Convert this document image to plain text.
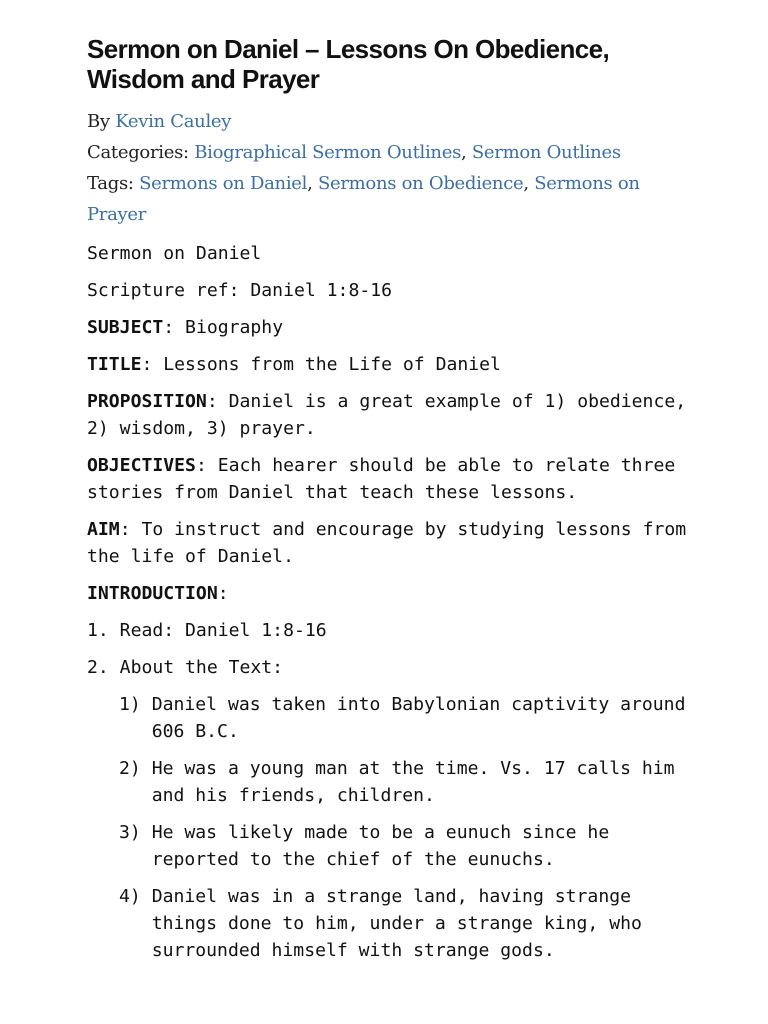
Sermon on Daniel – Lessons On Obedience, Wisdom and Prayer
By Kevin Cauley
Categories: Biographical Sermon Outlines, Sermon Outlines
Tags: Sermons on Daniel, Sermons on Obedience, Sermons on Prayer
Sermon on Daniel
Scripture ref: Daniel 1:8-16
SUBJECT: Biography
TITLE: Lessons from the Life of Daniel
PROPOSITION: Daniel is a great example of 1) obedience, 2) wisdom, 3) prayer.
OBJECTIVES: Each hearer should be able to relate three stories from Daniel that teach these lessons.
AIM: To instruct and encourage by studying lessons from the life of Daniel.
INTRODUCTION:
1. Read: Daniel 1:8-16
2. About the Text:
1) Daniel was taken into Babylonian captivity around 606 B.C.
2) He was a young man at the time. Vs. 17 calls him and his friends, children.
3) He was likely made to be a eunuch since he reported to the chief of the eunuchs.
4) Daniel was in a strange land, having strange things done to him, under a strange king, who surrounded himself with strange gods.
